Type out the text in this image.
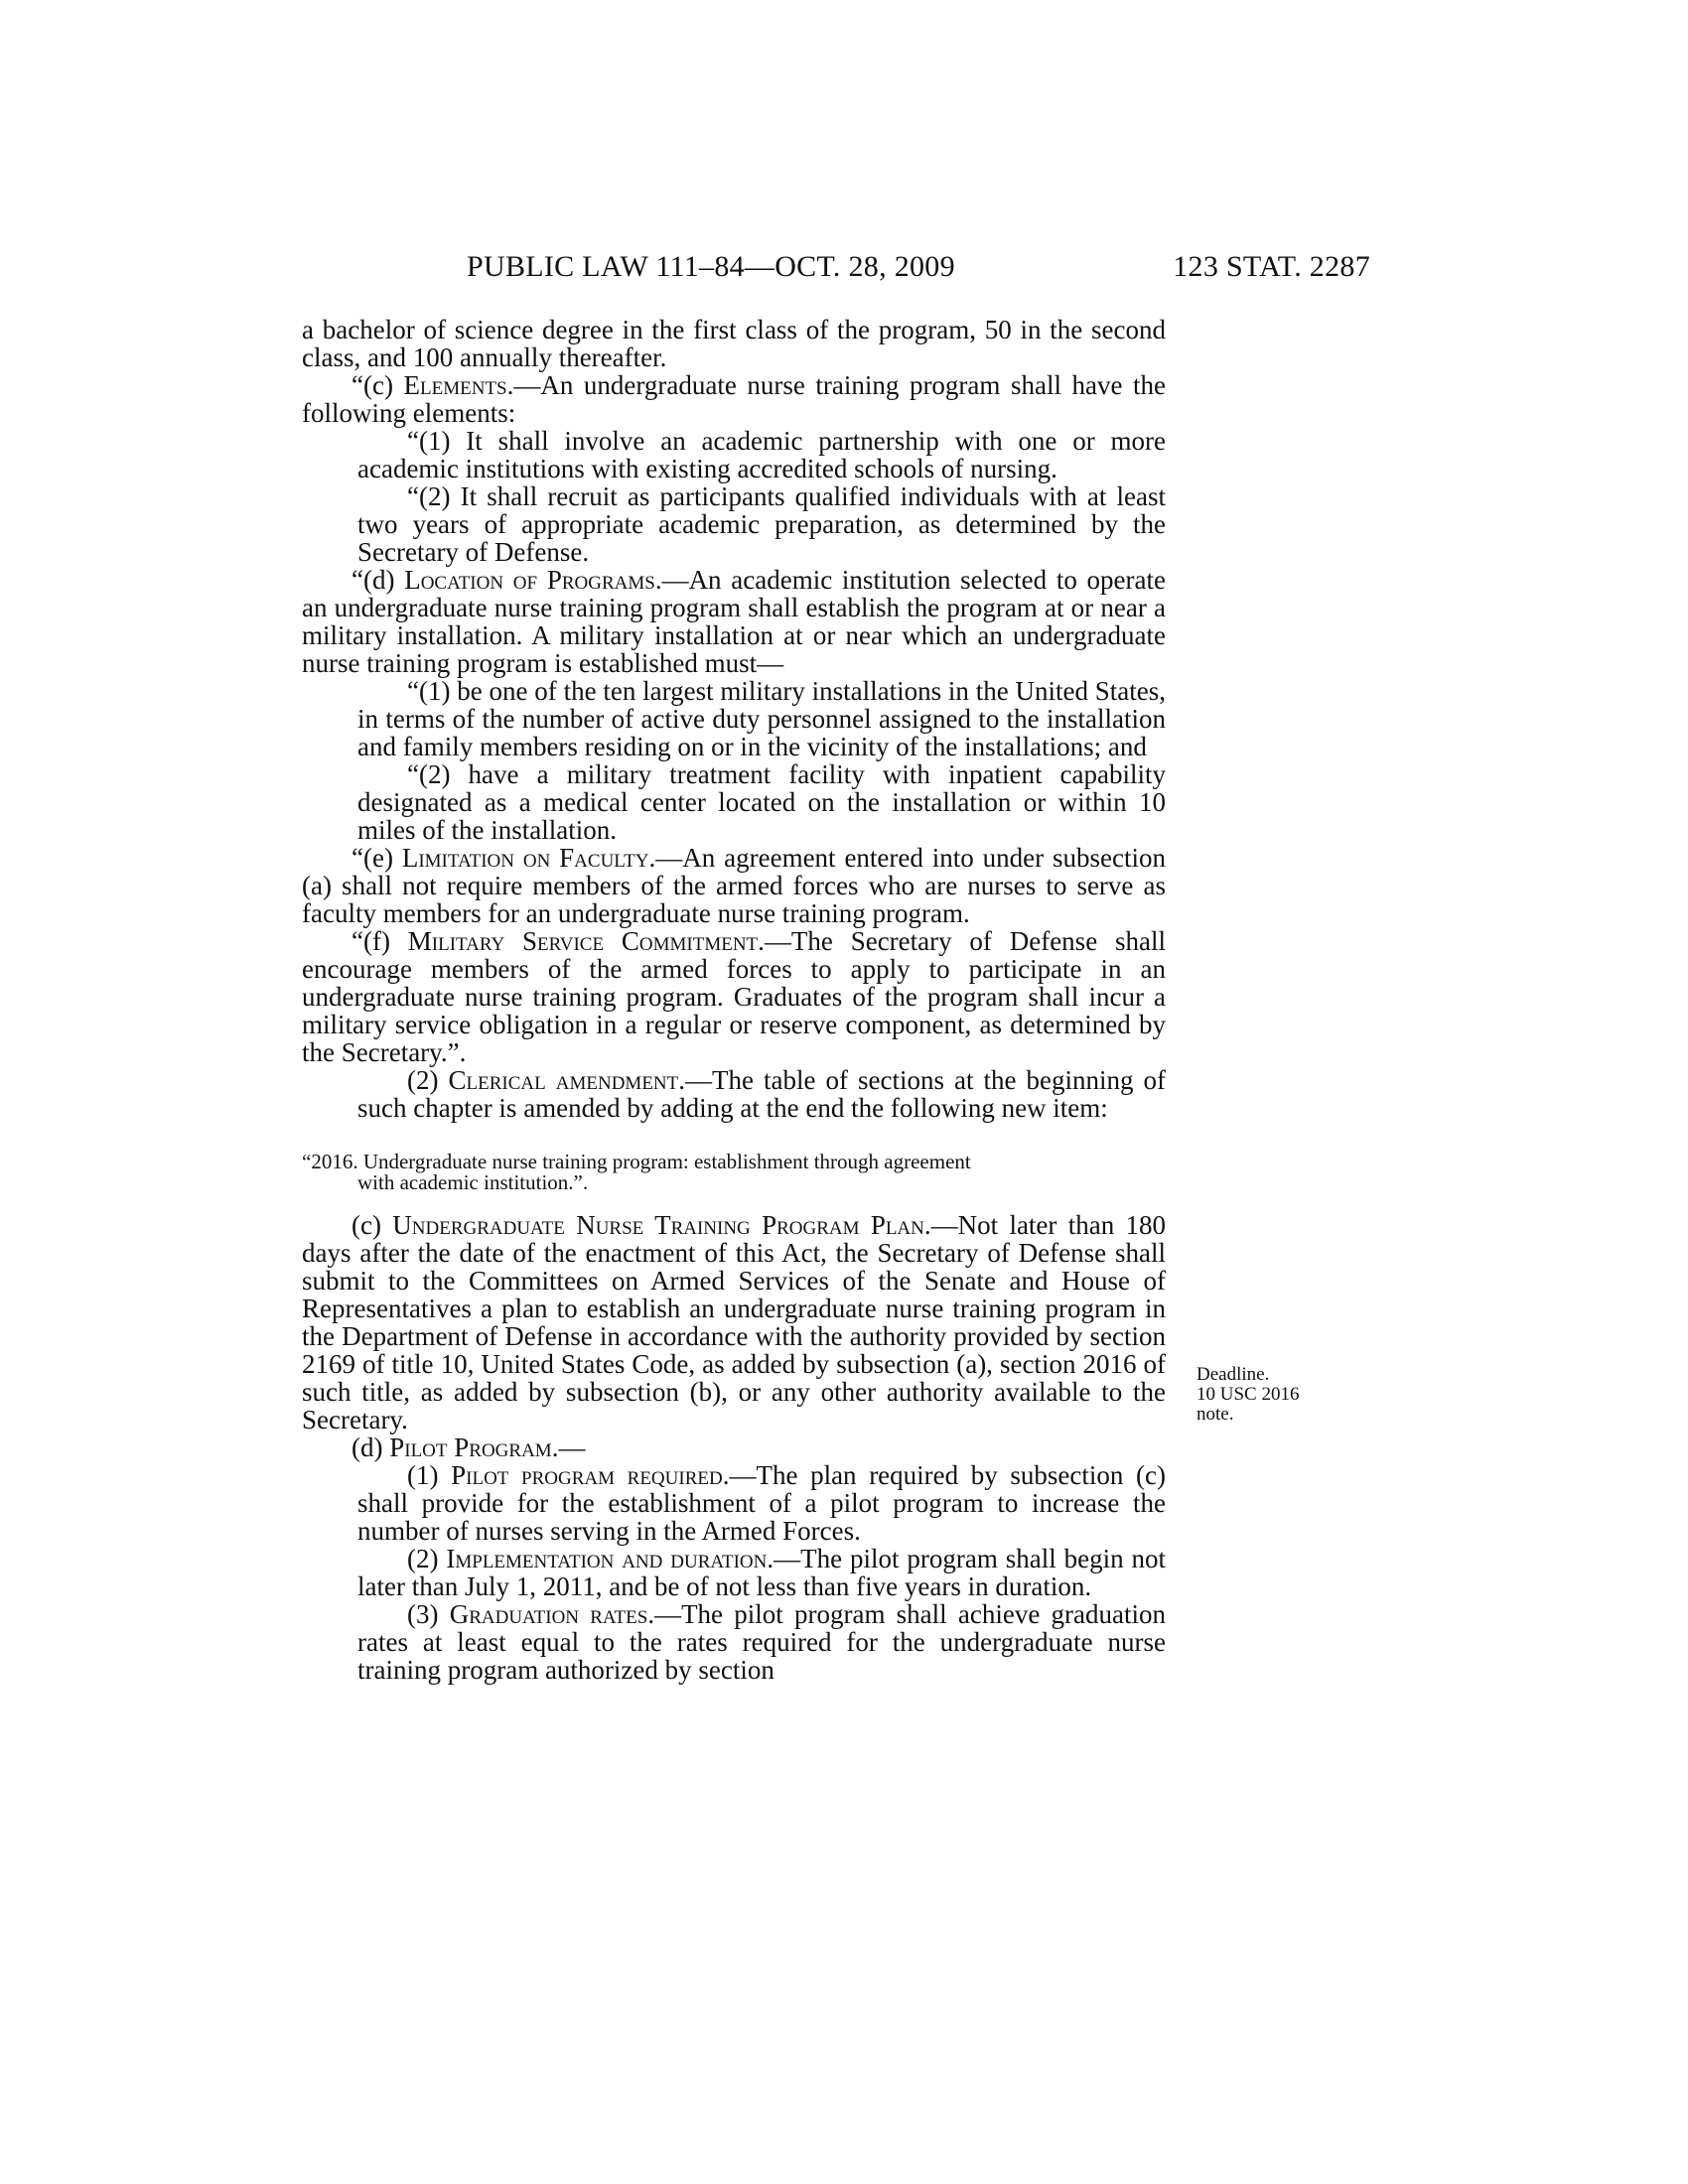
PUBLIC LAW 111–84—OCT. 28, 2009	123 STAT. 2287

a bachelor of science degree in the first class of the program, 50 in the second class, and 100 annually thereafter.

“(c) Elements.—An undergraduate nurse training program shall have the following elements:

“(1) It shall involve an academic partnership with one or more academic institutions with existing accredited schools of nursing.

“(2) It shall recruit as participants qualified individuals with at least two years of appropriate academic preparation, as determined by the Secretary of Defense.

“(d) Location of Programs.—An academic institution selected to operate an undergraduate nurse training program shall establish the program at or near a military installation. A military installation at or near which an undergraduate nurse training program is established must—

“(1) be one of the ten largest military installations in the United States, in terms of the number of active duty personnel assigned to the installation and family members residing on or in the vicinity of the installations; and

“(2) have a military treatment facility with inpatient capability designated as a medical center located on the installation or within 10 miles of the installation.

“(e) Limitation on Faculty.—An agreement entered into under subsection (a) shall not require members of the armed forces who are nurses to serve as faculty members for an undergraduate nurse training program.

“(f) Military Service Commitment.—The Secretary of Defense shall encourage members of the armed forces to apply to participate in an undergraduate nurse training program. Graduates of the program shall incur a military service obligation in a regular or reserve component, as determined by the Secretary.”.

(2) Clerical amendment.—The table of sections at the beginning of such chapter is amended by adding at the end the following new item:

“2016. Undergraduate nurse training program: establishment through agreement

with academic institution.”.

(c) Undergraduate Nurse Training Program Plan.—Not later than 180 days after the date of the enactment of this Act, the Secretary of Defense shall submit to the Committees on Armed Services of the Senate and House of Representatives a plan to establish an undergraduate nurse training program in the Department of Defense in accordance with the authority provided by section 2169 of title 10, United States Code, as added by subsection (a), section 2016 of such title, as added by subsection (b), or any other authority available to the Secretary.

(d) Pilot Program.—

(1) Pilot program required.—The plan required by subsection (c) shall provide for the establishment of a pilot program to increase the number of nurses serving in the Armed Forces.

(2) Implementation and duration.—The pilot program shall begin not later than July 1, 2011, and be of not less than five years in duration.

(3) Graduation rates.—The pilot program shall achieve graduation rates at least equal to the rates required for the undergraduate nurse training program authorized by section

Deadline.
10 USC 2016
note.
